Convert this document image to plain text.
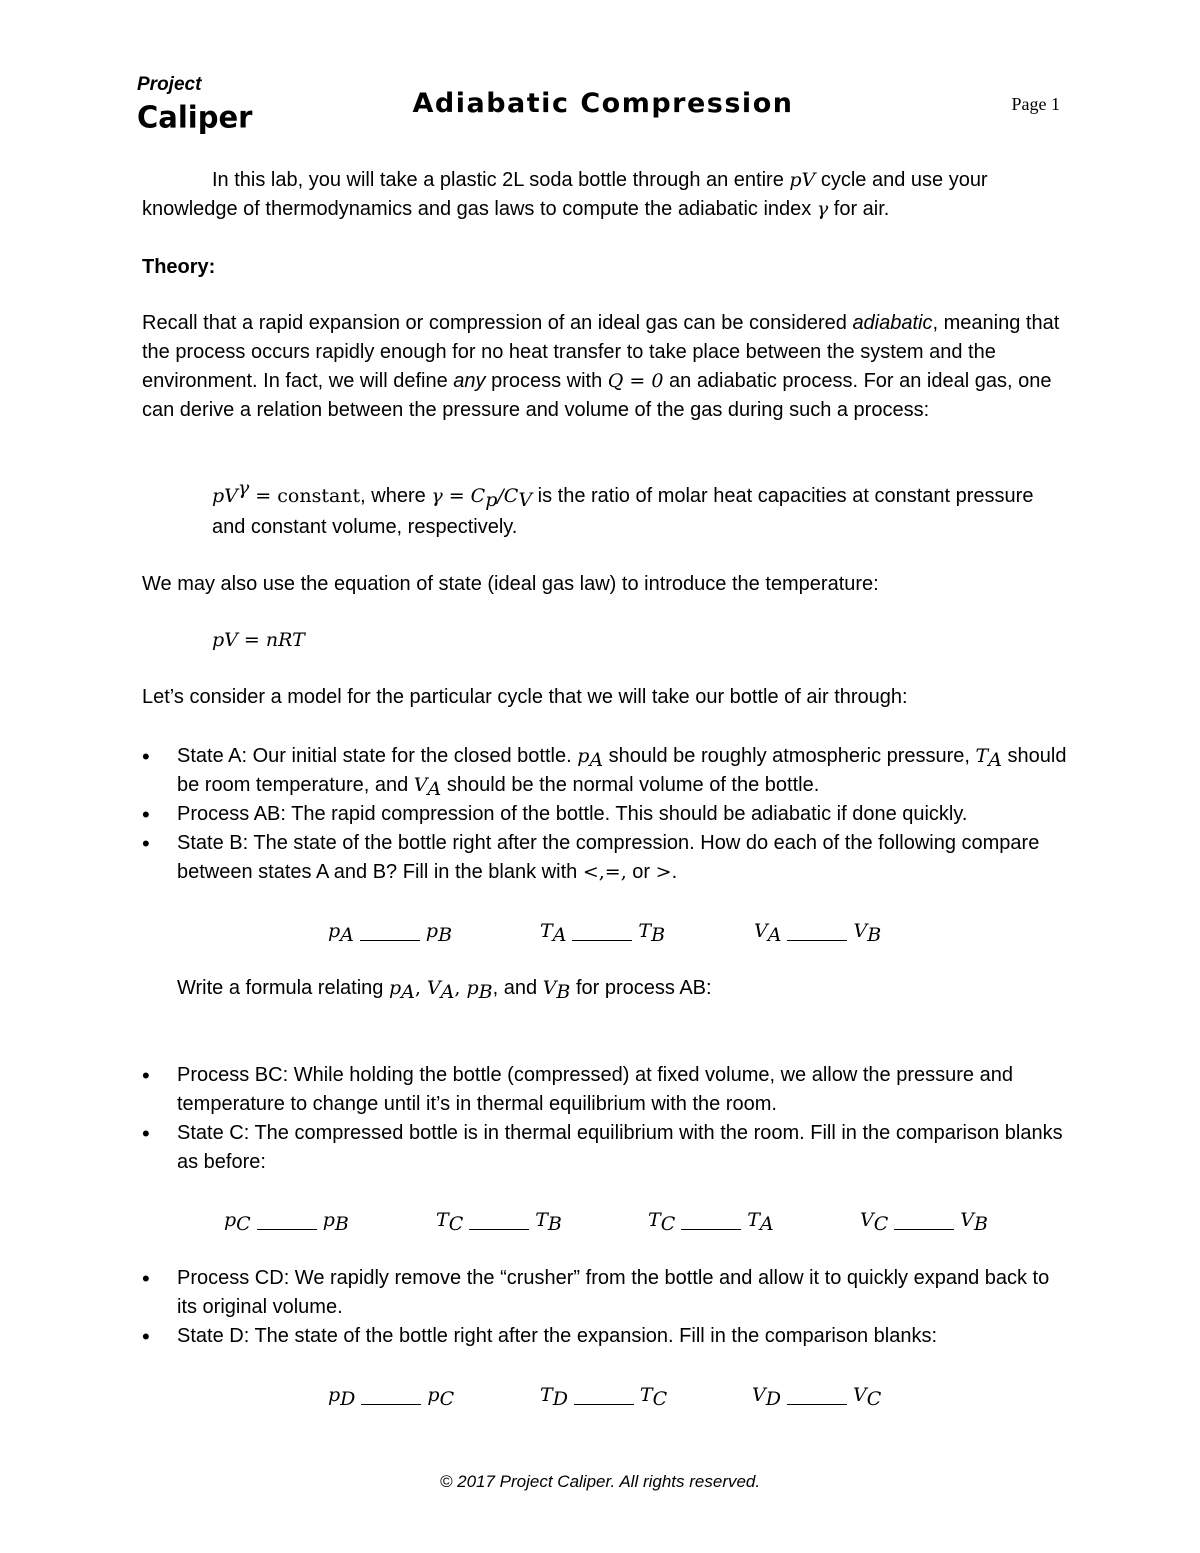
Project
Caliper	Adiabatic Compression	Page 1

In this lab, you will take a plastic 2L soda bottle through an entire pV cycle and use your knowledge of thermodynamics and gas laws to compute the adiabatic index γ for air.

Theory:

Recall that a rapid expansion or compression of an ideal gas can be considered adiabatic, meaning that the process occurs rapidly enough for no heat transfer to take place between the system and the environment. In fact, we will define any process with Q = 0 an adiabatic process. For an ideal gas, one can derive a relation between the pressure and volume of the gas during such a process:

$pV^\gamma$ = constant, where $\gamma = C_p/C_V$ is the ratio of molar heat capacities at constant pressure and constant volume, respectively.

We may also use the equation of state (ideal gas law) to introduce the temperature:
pV = nRT
Let’s consider a model for the particular cycle that we will take our bottle of air through:
• State A: Our initial state for the closed bottle. $p_A$ should be roughly atmospheric pressure, $T_A$ should be room temperature, and $V_A$ should be the normal volume of the bottle.
• Process AB: The rapid compression of the bottle. This should be adiabatic if done quickly.
• State B: The state of the bottle right after the compression. How do each of the following compare between states A and B? Fill in the blank with <,=, or >.
$p_A$	$p_B$	$T_A$	$T_B$	$V_A$	$V_B$
Write a formula relating $p_A$, $V_A$, $p_B$, and $V_B$ for process AB:
• Process BC: While holding the bottle (compressed) at fixed volume, we allow the pressure and temperature to change until it’s in thermal equilibrium with the room.
• State C: The compressed bottle is in thermal equilibrium with the room. Fill in the comparison blanks as before:
$p_C$	$p_B$	$T_C$	$T_B$	$T_C$	$T_A$	$V_C$	$V_B$
• Process CD: We rapidly remove the “crusher” from the bottle and allow it to quickly expand back to its original volume.
• State D: The state of the bottle right after the expansion. Fill in the comparison blanks:
$p_D$	$p_C$	$T_D$	$T_C$	$V_D$	$V_C$
© 2017 Project Caliper. All rights reserved.
